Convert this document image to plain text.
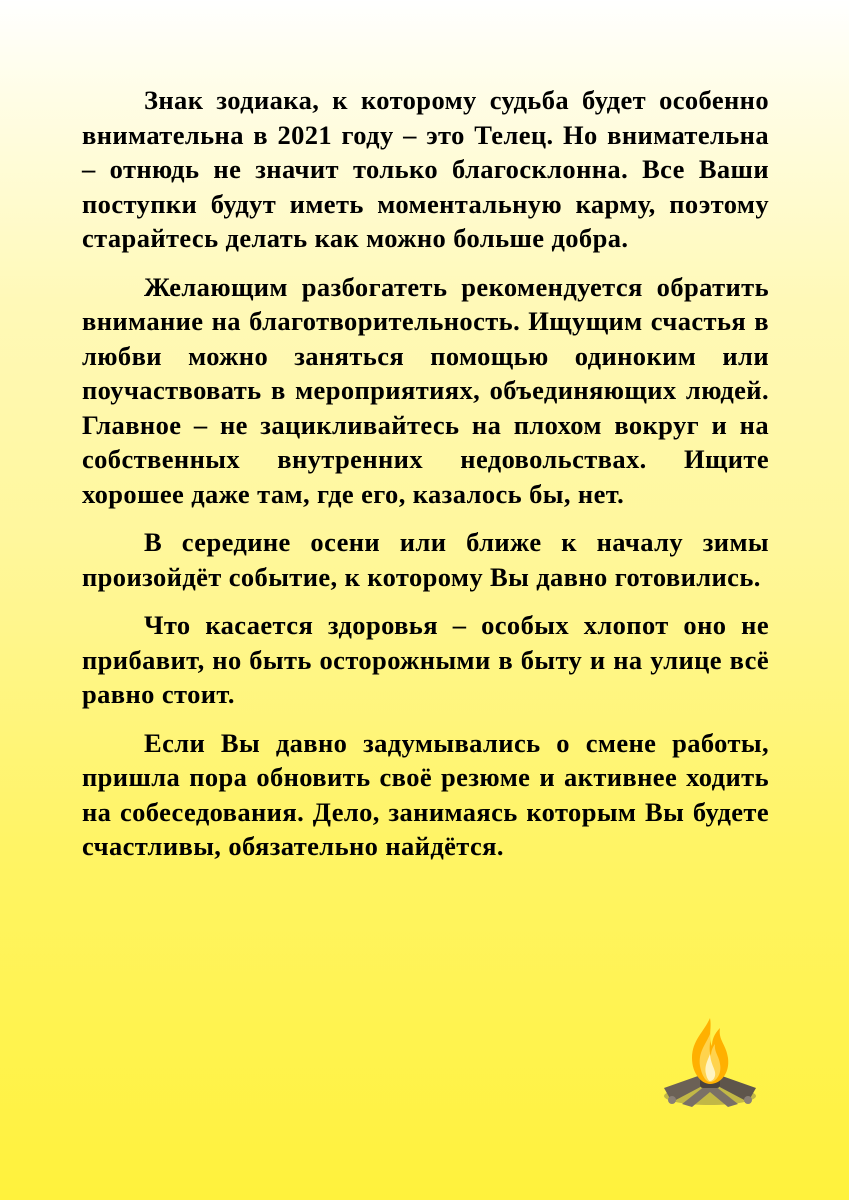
Знак зодиака, к которому судьба будет особенно внимательна в 2021 году – это Телец. Но внимательна – отнюдь не значит только благосклонна. Все Ваши поступки будут иметь моментальную карму, поэтому старайтесь делать как можно больше добра.

Желающим разбогатеть рекомендуется обратить внимание на благотворительность. Ищущим счастья в любви можно заняться помощью одиноким или поучаствовать в мероприятиях, объединяющих людей. Главное – не зацикливайтесь на плохом вокруг и на собственных внутренних недовольствах. Ищите хорошее даже там, где его, казалось бы, нет.

В середине осени или ближе к началу зимы произойдёт событие, к которому Вы давно готовились.

Что касается здоровья – особых хлопот оно не прибавит, но быть осторожными в быту и на улице всё равно стоит.

Если Вы давно задумывались о смене работы, пришла пора обновить своё резюме и активнее ходить на собеседования. Дело, занимаясь которым Вы будете счастливы, обязательно найдётся.
